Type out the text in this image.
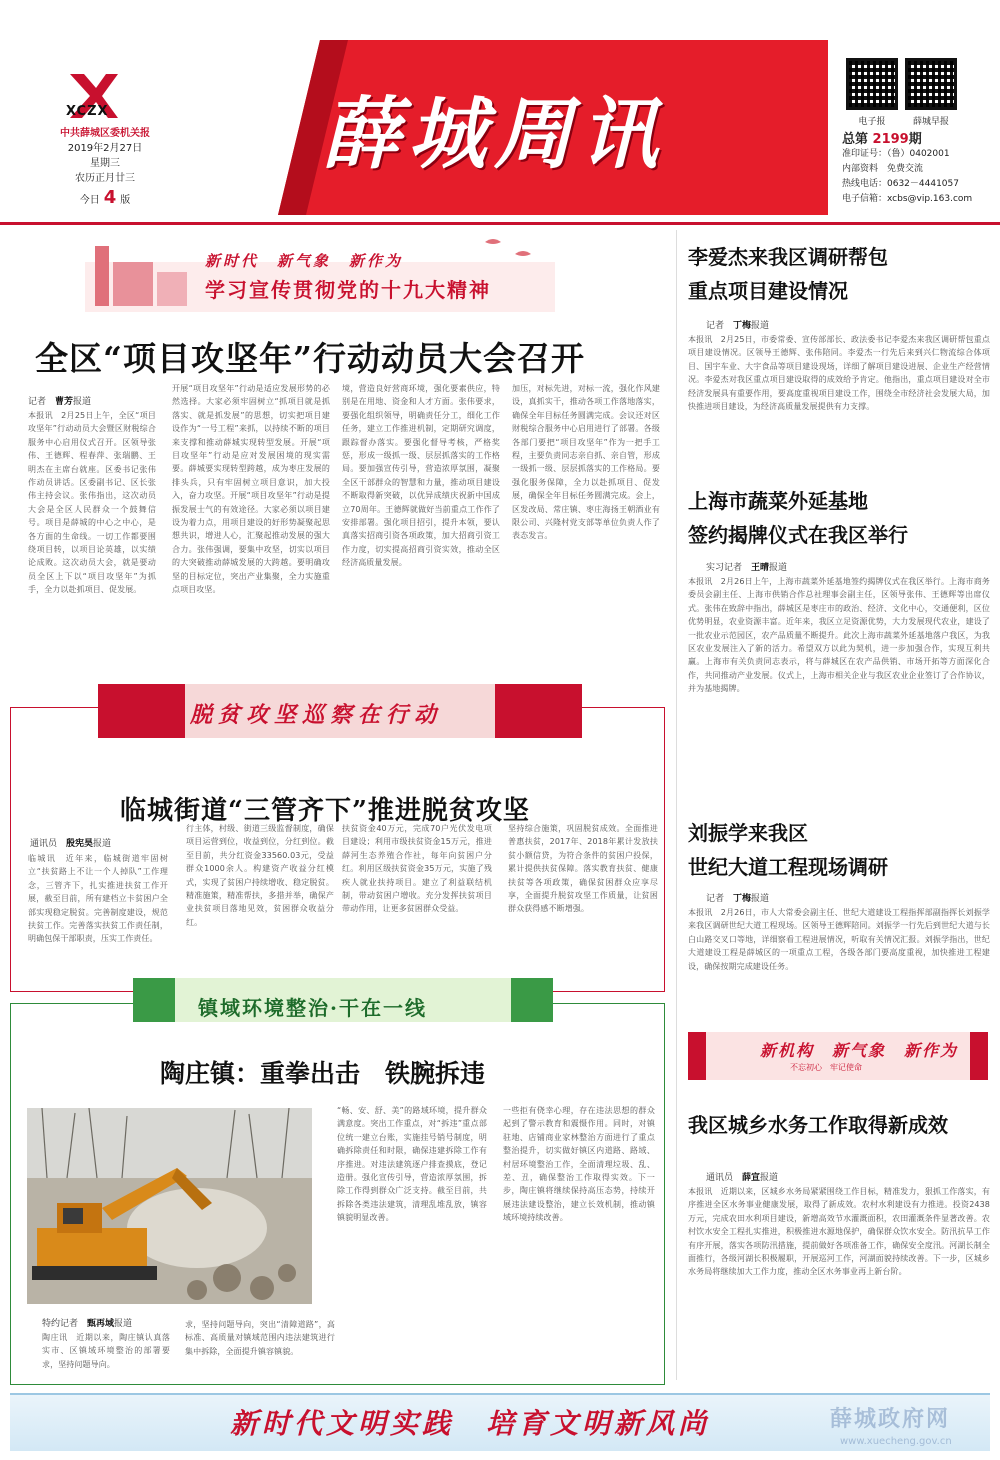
XCZX
中共薛城区委机关报
2019年2月27日
星期三
农历正月廿三
今日 4 版
薛城周讯	电子报	薛城早报
总第 2199期
准印证号：（鲁）0402001
内部资料　免费交流
热线电话：0632－4441057
电子信箱：xcbs@vip.163.com
新时代　新气象　新作为
学习宣传贯彻党的十九大精神
全区“项目攻坚年”行动动员大会召开
记者　 曹芳报道
本报讯　2月25日上午，全区“项目攻坚年”行动动员大会暨区财税综合服务中心启用仪式召开。区领导张伟、王德辉、程春萍、张瑞鹏、王明杰在主席台就座。区委书记张伟作动员讲话。区委副书记、区长张伟主持会议。张伟指出，这次动员大会是全区人民群众一个鼓舞信号。项目是薛城的中心之中心，是各方面的生命线。一切工作都要围绕项目转，以项目论英雄，以实绩论成败。这次动员大会，就是要动员全区上下以“项目攻坚年”为抓手，全力以赴抓项目、促发展。
开展“项目攻坚年”行动是适应发展形势的必然选择。大家必须牢固树立“抓项目就是抓落实、就是抓发展”的思想，切实把项目建设作为“一号工程”来抓，以持续不断的项目来支撑和推动薛城实现转型发展。开展“项目攻坚年”行动是应对发展困境的现实需要。薛城要实现转型跨越，成为枣庄发展的排头兵，只有牢固树立项目意识，加大投入，奋力攻坚。开展“项目攻坚年”行动是提振发展士气的有效途径。大家必须以项目建设为着力点，用项目建设的好形势凝聚起思想共识，增进人心，汇聚起推动发展的强大合力。张伟强调，要集中攻坚，切实以项目的大突破推动薛城发展的大跨越。要明确攻坚的目标定位，突出产业集聚，全力实施重点项目攻坚。
境，营造良好营商环境，强化要素供应，特别是在用地、资金和人才方面。张伟要求，要强化组织领导，明确责任分工，细化工作任务，建立工作推进机制，定期研究调度，跟踪督办落实。要强化督导考核，严格奖惩，形成一级抓一级、层层抓落实的工作格局。要加强宣传引导，营造浓厚氛围，凝聚全区干部群众的智慧和力量，推动项目建设不断取得新突破，以优异成绩庆祝新中国成立70周年。王德辉就做好当前重点工作作了安排部署。强化项目招引，提升本领，要认真落实招商引资各项政策，加大招商引资工作力度，切实提高招商引资实效，推动全区经济高质量发展。
加压，对标先进，对标一流，强化作风建设，真抓实干，推动各项工作落地落实，确保全年目标任务圆满完成。会议还对区财税综合服务中心启用进行了部署。各级各部门要把“项目攻坚年”作为一把手工程，主要负责同志亲自抓、亲自管，形成一级抓一级、层层抓落实的工作格局。要强化服务保障，全力以赴抓项目、促发展，确保全年目标任务圆满完成。会上，区发改局、常庄镇、枣庄海扬王朝酒业有限公司、兴隆村党支部等单位负责人作了表态发言。
脱贫攻坚巡察在行动
临城街道“三管齐下”推进脱贫攻坚
通讯员　 殷宪昊报道
临城讯　近年来，临城街道牢固树立“扶贫路上不让一个人掉队”工作理念，三管齐下，扎实推进扶贫工作开展，截至目前，所有建档立卡贫困户全部实现稳定脱贫。完善制度建设，规范扶贫工作。完善落实扶贫工作责任制，明确包保干部职责，压实工作责任。
行主体，村级、街道三级监督制度，确保项目运营到位，收益到位，分红到位。截至目前，共分红资金33560.03元，受益群众1000余人。构建资产收益分红模式，实现了贫困户持续增收、稳定脱贫。精准施策，精准帮扶，多措并举，确保产业扶贫项目落地见效，贫困群众收益分红。
扶贫资金40万元，完成70户光伏发电项目建设；利用市级扶贫资金15万元，推进薛河生态养殖合作社，每年向贫困户分红。利用区级扶贫资金35万元，实施了残疾人就业扶持项目。建立了利益联结机制，带动贫困户增收。充分发挥扶贫项目带动作用，让更多贫困群众受益。
坚持综合施策，巩固脱贫成效。全面推进普惠扶贫，2017年、2018年累计发放扶贫小额信贷，为符合条件的贫困户投保，累计提供扶贫保障。落实教育扶贫、健康扶贫等各项政策，确保贫困群众应享尽享，全面提升脱贫攻坚工作质量，让贫困群众获得感不断增强。
镇域环境整治·干在一线
陶庄镇：重拳出击　铁腕拆违
特约记者　 甄再域报道
陶庄讯　近期以来，陶庄镇认真落实市、区镇域环境整治的部署要求，坚持问题导向。
求，坚持问题导向，突出“清障道路”，高标准、高质量对镇域范围内违法建筑进行集中拆除，全面提升镇容镇貌。
“畅、安、舒、美”的路域环境，提升群众满意度。突出工作重点，对“拆违”重点部位统一建立台账，实施挂号销号制度，明确拆除责任和时限，确保违建拆除工作有序推进。对违法建筑逐户排查摸底，登记造册。强化宣传引导，营造浓厚氛围，拆除工作得到群众广泛支持。截至目前，共拆除各类违法建筑，清理乱堆乱放，镇容镇貌明显改善。
一些拒有侥幸心理，存在违法思想的群众起到了警示教育和震慑作用。同时，对镇驻地、店铺商业家林整治方面进行了重点整治提升，切实做好镇区内道路、路域、村居环境整治工作，全面清理垃圾、乱、差、丑，确保整治工作取得实效。下一步，陶庄镇将继续保持高压态势，持续开展违法建设整治，建立长效机制，推动镇域环境持续改善。
李爱杰来我区调研帮包
重点项目建设情况
记者　 丁梅报道
本报讯　2月25日，市委常委、宣传部部长、政法委书记李爱杰来我区调研帮包重点项目建设情况。区领导王德辉、张伟陪同。李爱杰一行先后来到兴仁物流综合体项目、国宇车业、大宇食品等项目建设现场，详细了解项目建设进展、企业生产经营情况。李爱杰对我区重点项目建设取得的成效给予肯定。他指出，重点项目建设对全市经济发展具有重要作用，要高度重视项目建设工作，围绕全市经济社会发展大局，加快推进项目建设，为经济高质量发展提供有力支撑。
上海市蔬菜外延基地
签约揭牌仪式在我区举行
实习记者　 王晴报道
本报讯　2月26日上午，上海市蔬菜外延基地签约揭牌仪式在我区举行。上海市商务委员会副主任、上海市供销合作总社理事会副主任，区领导张伟、王德辉等出席仪式。张伟在致辞中指出，薛城区是枣庄市的政治、经济、文化中心，交通便利，区位优势明显，农业资源丰富。近年来，我区立足资源优势，大力发展现代农业，建设了一批农业示范园区，农产品质量不断提升。此次上海市蔬菜外延基地落户我区，为我区农业发展注入了新的活力。希望双方以此为契机，进一步加强合作，实现互利共赢。上海市有关负责同志表示，将与薛城区在农产品供销、市场开拓等方面深化合作，共同推动产业发展。仪式上，上海市相关企业与我区农业企业签订了合作协议，并为基地揭牌。
刘振学来我区
世纪大道工程现场调研
记者　 丁梅报道
本报讯　2月26日，市人大常委会副主任、世纪大道建设工程指挥部副指挥长刘振学来我区调研世纪大道工程现场。区领导王德辉陪同。刘振学一行先后到世纪大道与长白山路交叉口等地，详细察看工程进展情况，听取有关情况汇报。刘振学指出，世纪大道建设工程是薛城区的一项重点工程，各级各部门要高度重视，加快推进工程建设，确保按期完成建设任务。
新机构　新气象　新作为
不忘初心　牢记使命
我区城乡水务工作取得新成效
通讯员　 薛宣报道
本报讯　近期以来，区城乡水务局紧紧围绕工作目标，精准发力，狠抓工作落实，有序推进全区水务事业健康发展，取得了新成效。农村水利建设有力推进。投资2438万元，完成农田水利项目建设，新增高效节水灌溉面积，农田灌溉条件显著改善。农村饮水安全工程扎实推进，积极推进水源地保护，确保群众饮水安全。防汛抗旱工作有序开展，落实各项防汛措施，提前做好各项准备工作，确保安全度汛。河湖长制全面推行，各级河湖长积极履职，开展巡河工作，河湖面貌持续改善。下一步，区城乡水务局将继续加大工作力度，推动全区水务事业再上新台阶。
新时代文明实践　培育文明新风尚	薛城政府网
www.xuecheng.gov.cn
